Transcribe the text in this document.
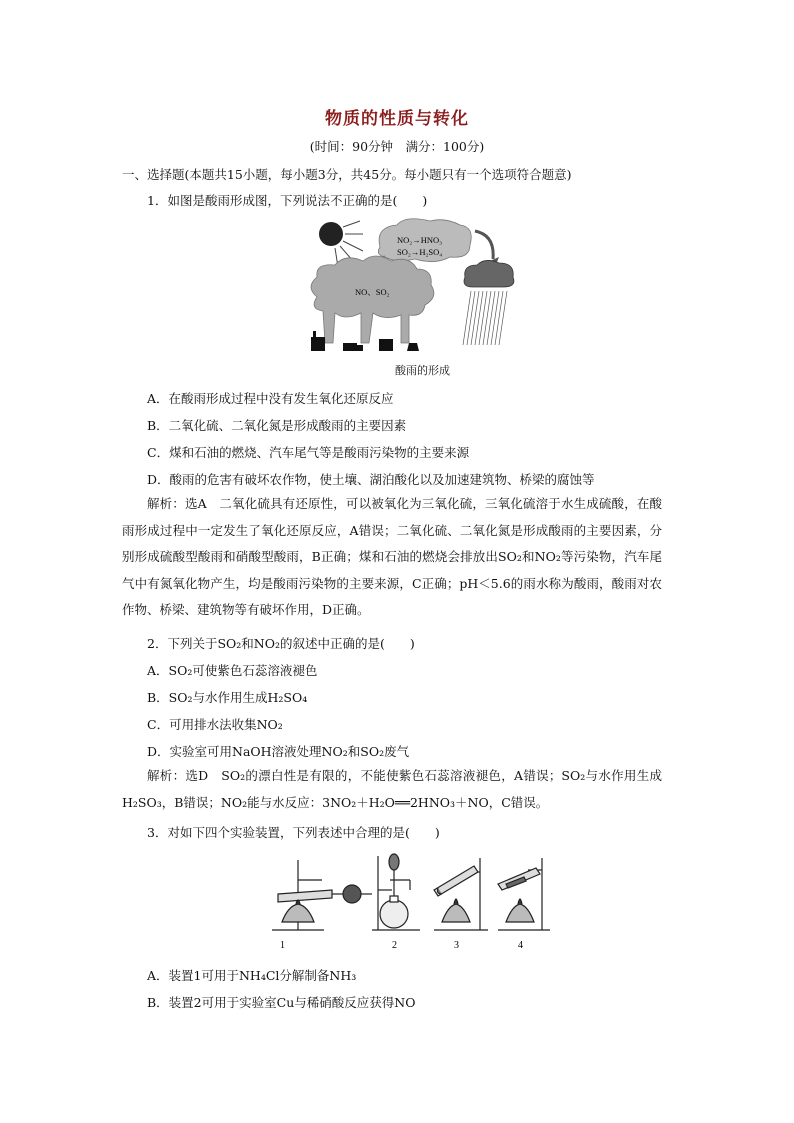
物质的性质与转化
(时间：90分钟　满分：100分)
一、选择题(本题共15小题，每小题3分，共45分。每小题只有一个选项符合题意)
1．如图是酸雨形成图，下列说法不正确的是(　　)
NO₂→HNO₃
SO₂→H₂SO₄
NO、SO₂
酸雨的形成
A．在酸雨形成过程中没有发生氧化还原反应
B．二氧化硫、二氧化氮是形成酸雨的主要因素
C．煤和石油的燃烧、汽车尾气等是酸雨污染物的主要来源
D．酸雨的危害有破坏农作物，使土壤、湖泊酸化以及加速建筑物、桥梁的腐蚀等
解析：选A　二氧化硫具有还原性，可以被氧化为三氧化硫，三氧化硫溶于水生成硫酸，在酸雨形成过程中一定发生了氧化还原反应，A错误；二氧化硫、二氧化氮是形成酸雨的主要因素，分别形成硫酸型酸雨和硝酸型酸雨，B正确；煤和石油的燃烧会排放出SO₂和NO₂等污染物，汽车尾气中有氮氧化物产生，均是酸雨污染物的主要来源，C正确；pH＜5.6的雨水称为酸雨，酸雨对农作物、桥梁、建筑物等有破坏作用，D正确。
2．下列关于SO₂和NO₂的叙述中正确的是(　　)
A．SO₂可使紫色石蕊溶液褪色
B．SO₂与水作用生成H₂SO₄
C．可用排水法收集NO₂
D．实验室可用NaOH溶液处理NO₂和SO₂废气
解析：选D　SO₂的漂白性是有限的，不能使紫色石蕊溶液褪色，A错误；SO₂与水作用生成H₂SO₃，B错误；NO₂能与水反应：3NO₂＋H₂O══2HNO₃＋NO，C错误。
3．对如下四个实验装置，下列表述中合理的是(　　)
1	2	3	4
A．装置1可用于NH₄Cl分解制备NH₃
B．装置2可用于实验室Cu与稀硝酸反应获得NO
